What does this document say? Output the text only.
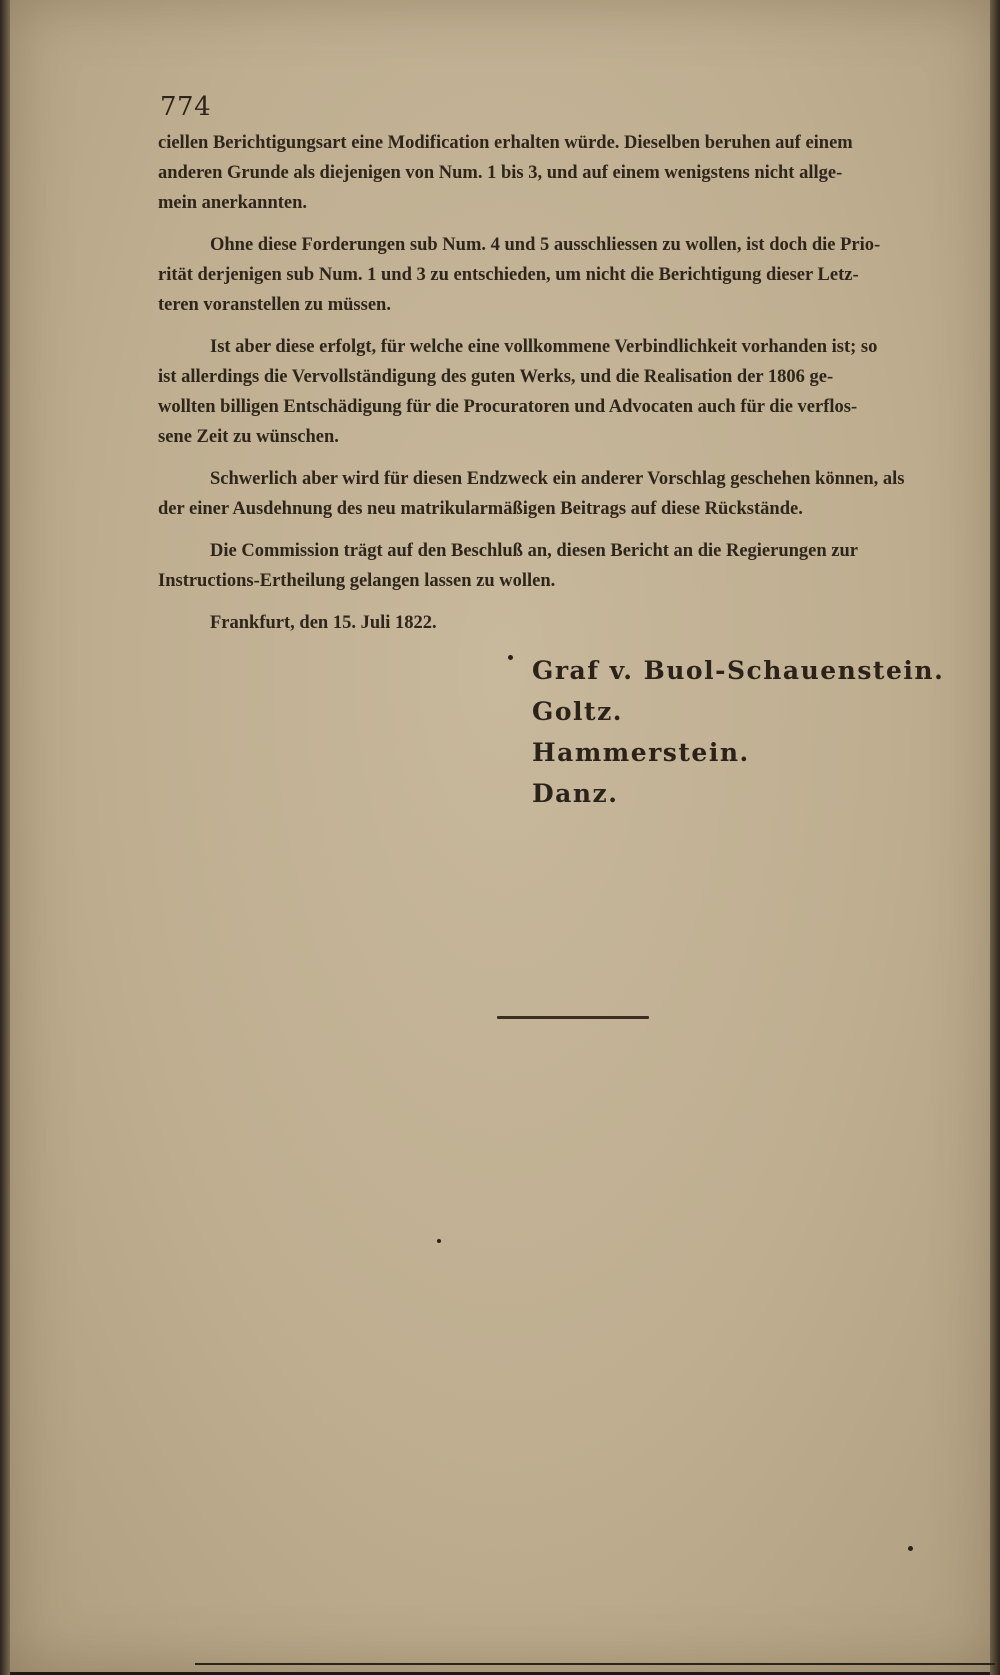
774
ciellen Berichtigungsart eine Modification erhalten würde. Dieselben beruhen auf einem
anderen Grunde als diejenigen von Num. 1 bis 3, und auf einem wenigstens nicht allge-
mein anerkannten.
Ohne diese Forderungen sub Num. 4 und 5 ausschliessen zu wollen, ist doch die Prio-
rität derjenigen sub Num. 1 und 3 zu entschieden, um nicht die Berichtigung dieser Letz-
teren voranstellen zu müssen.
Ist aber diese erfolgt, für welche eine vollkommene Verbindlichkeit vorhanden ist; so
ist allerdings die Vervollständigung des guten Werks, und die Realisation der 1806 ge-
wollten billigen Entschädigung für die Procuratoren und Advocaten auch für die verflos-
sene Zeit zu wünschen.
Schwerlich aber wird für diesen Endzweck ein anderer Vorschlag geschehen können, als
der einer Ausdehnung des neu matrikularmäßigen Beitrags auf diese Rückstände.
Die Commission trägt auf den Beschluß an, diesen Bericht an die Regierungen zur
Instructions-Ertheilung gelangen lassen zu wollen.
Frankfurt, den 15. Juli 1822.
Graf v. Buol-Schauenstein.
Goltz.
Hammerstein.
Danz.
